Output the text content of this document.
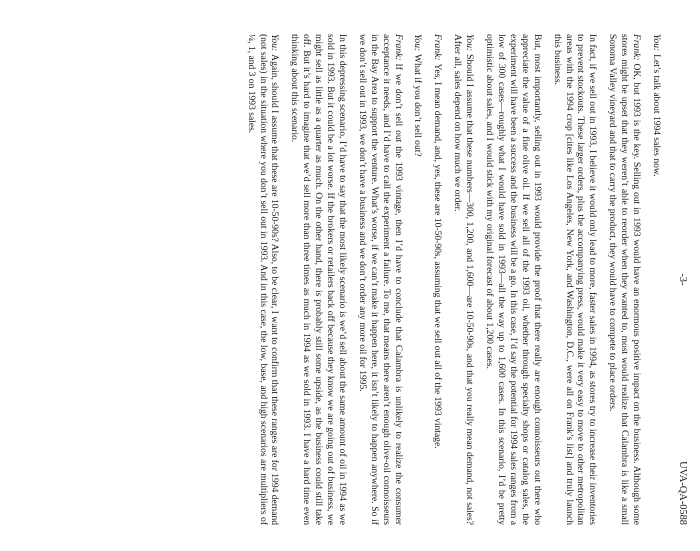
-3-
UVA-QA-0588

You:Let’s talk about 1994 sales now.

Frank:OK, but 1993 is the key. Selling out in 1993 would have an enormous positive impact on the business. Although some stores might be upset that they weren’t able to reorder when they wanted to, most would realize that Calambra is like a small Sonoma Valley vineyard and that to carry the product, they would have to compete to place orders.

In fact, if we sell out in 1993, I believe it would only lead to more, faster sales in 1994, as stores try to increase their inventories to prevent stockouts. These larger orders, plus the accompanying press, would make it very easy to move to other metropolitan areas with the 1994 crop [cites like Los Angeles, New York, and Washington, D.C., were all on Frank’s list] and truly launch this business.

But, most importantly, selling out in 1993 would provide the proof that there really are enough connoisseurs out there who appreciate the value of a fine olive oil. If we sell all of the 1993 oil, whether through specialty shops or catalog sales, the experiment will have been a success and the business will be a go. In this case, I’d say the potential for 1994 sales ranges from a low of 300 cases—roughly what I would have sold in 1993—all the way up to 1,600 cases. In this scenario, I’d be pretty optimistic about sales, and I would stick with my original forecast of about 1,200 cases.

You:Should I assume that these numbers—300, 1,200, and 1,600—are 10-50-90s, and that you really mean demand, not sales? After all, sales depend on how much we order.

Frank:Yes, I mean demand, and, yes, these are 10-50-90s, assuming that we sell out all of the 1993 vintage.

You:What if you don’t sell out?

Frank:If we don’t sell out the 1993 vintage, then I’d have to conclude that Calambra is unlikely to realize the consumer acceptance it needs, and I’d have to call the experiment a failure. To me, that means there aren’t enough olive-oil connoisseurs in the Bay Area to support the venture. What’s worse, if we can’t make it happen here, it isn’t likely to happen anywhere. So if we don’t sell out in 1993, we don’t have a business and we don’t order any more oil for 1995.

In this depressing scenario, I’d have to say that the most likely scenario is we’d sell about the same amount of oil in 1994 as we sold in 1993. But it could be a lot worse. If the brokers or retailers back off because they know we are going out of business, we might sell as little as a quarter as much. On the other hand, there is probably still some upside, as the business could still take off. But it’s hard to imagine that we’d sell more than three times as much in 1994 as we sold in 1993. I have a hard time even thinking about this scenario.

You:Again, should I assume that these are 10-50-90s? Also, to be clear, I want to confirm that these ranges are for 1994 demand (not sales) in the situation where you don’t sell out in 1993. And in this case, the low, base, and high scenarios are multipliers of ¼, 1, and 3 on 1993 sales.
